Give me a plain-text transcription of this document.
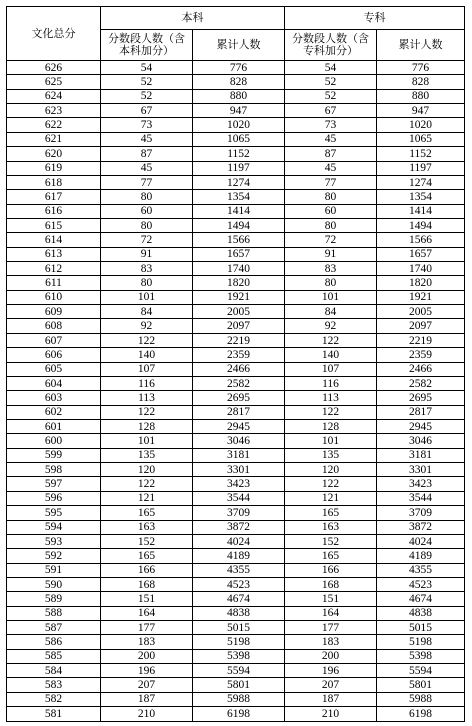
文化总分	本科		专科	
	分数段人数（含本科加分）	累计人数	分数段人数（含专科加分）	累计人数
626	54	776	54	776
625	52	828	52	828
624	52	880	52	880
623	67	947	67	947
622	73	1020	73	1020
621	45	1065	45	1065
620	87	1152	87	1152
619	45	1197	45	1197
618	77	1274	77	1274
617	80	1354	80	1354
616	60	1414	60	1414
615	80	1494	80	1494
614	72	1566	72	1566
613	91	1657	91	1657
612	83	1740	83	1740
611	80	1820	80	1820
610	101	1921	101	1921
609	84	2005	84	2005
608	92	2097	92	2097
607	122	2219	122	2219
606	140	2359	140	2359
605	107	2466	107	2466
604	116	2582	116	2582
603	113	2695	113	2695
602	122	2817	122	2817
601	128	2945	128	2945
600	101	3046	101	3046
599	135	3181	135	3181
598	120	3301	120	3301
597	122	3423	122	3423
596	121	3544	121	3544
595	165	3709	165	3709
594	163	3872	163	3872
593	152	4024	152	4024
592	165	4189	165	4189
591	166	4355	166	4355
590	168	4523	168	4523
589	151	4674	151	4674
588	164	4838	164	4838
587	177	5015	177	5015
586	183	5198	183	5198
585	200	5398	200	5398
584	196	5594	196	5594
583	207	5801	207	5801
582	187	5988	187	5988
581	210	6198	210	6198
